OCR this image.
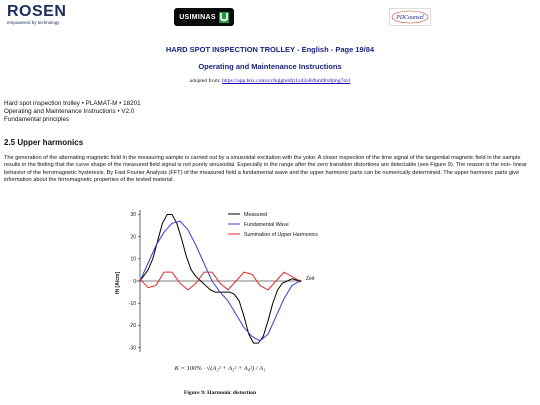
ROSEN
empowered by technology
USIMINAS	PDCounsel
HARD SPOT INSPECTION TROLLEY - English - Page 19/84
Operating and Maintenance Instructions
adopted from: https://app.box.com/s/c6qlgtuhfjt1yd2o8rfum9lx8jmg7m3
Hard spot inspection trolley • PLAMAT-M • 18201
Operating and Maintenance Instructions • V2.0
Fundamental principles
2.5 Upper harmonics
The generation of the alternating magnetic field in the measuring sample is carried out by a sinusoidal excitation with the yoke. A closer inspection of the time signal of the tangential magnetic field in the sample results in the finding that the curve shape of the measured field signal is not purely sinusoidal. Especially in the range after the zero transition distortions are detectable (see Figure 9). The reason is the non- linear behavior of the ferromagnetic hysteresis. By Fast Fourier Analysis (FFT) of the measured field a fundamental wave and the upper harmonic parts can be numerically determined. The upper harmonic parts give information about the ferromagnetic properties of the tested material.
30
20
10
0
-10
-20
-30
Ht [A/cm]	Zeit
Measured
Fundamental Wave
Summation of Upper Harmonics
K = 100% · √(A₂² + A₃² + A₄²) / A₁
Figure 9: Harmonic distortion
